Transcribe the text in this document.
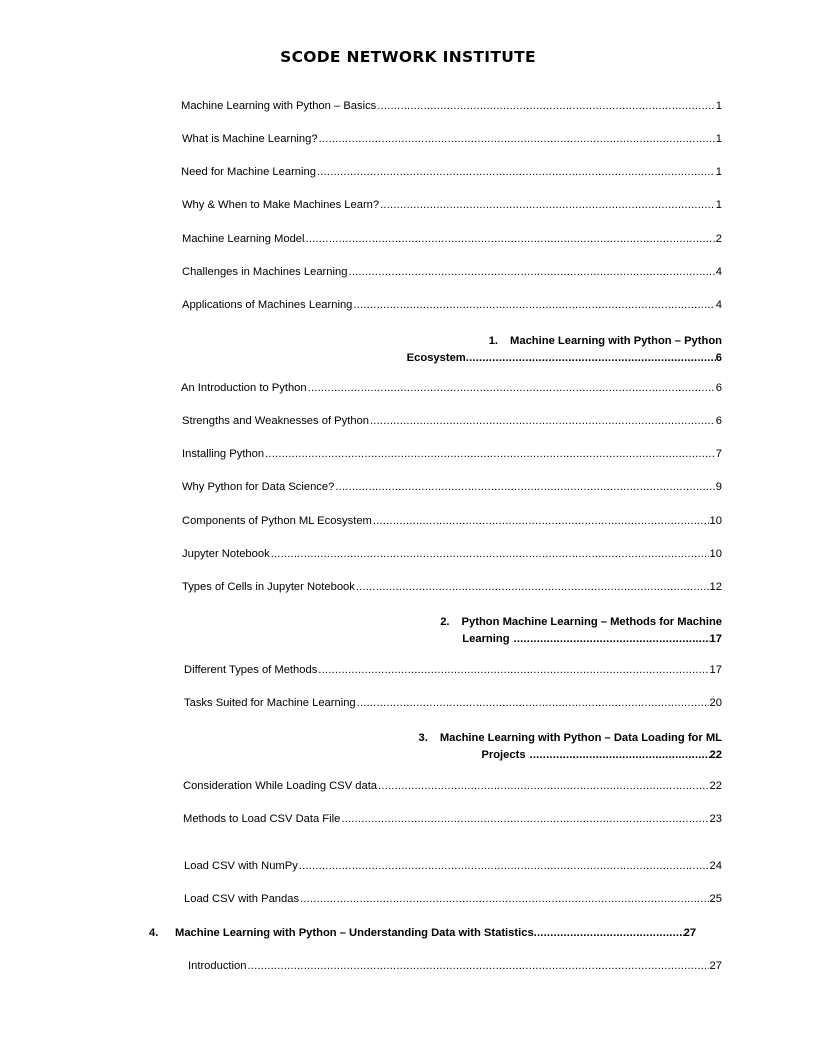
SCODE NETWORK INSTITUTE
Machine Learning with Python – Basics .....	1
What is Machine Learning? .....	1
Need for Machine Learning .....	1
Why & When to Make Machines Learn? .....	1
Machine Learning Model .....	2
Challenges in Machines Learning .....	4
Applications of Machines Learning .....	4
1. Machine Learning with Python – Python
Ecosystem .....	6
An Introduction to Python .....	6
Strengths and Weaknesses of Python .....	6
Installing Python .....	7
Why Python for Data Science? .....	9
Components of Python ML Ecosystem .....	10
Jupyter Notebook .....	10
Types of Cells in Jupyter Notebook .....	12
2. Python Machine Learning – Methods for Machine
Learning .....	17
Different Types of Methods .....	17
Tasks Suited for Machine Learning .....	20
3. Machine Learning with Python – Data Loading for ML
Projects .....	22
Consideration While Loading CSV data .....	22
Methods to Load CSV Data File .....	23
Load CSV with NumPy .....	24
Load CSV with Pandas .....	25
4.	Machine Learning with Python – Understanding Data with Statistics .....	27
Introduction .....	27
